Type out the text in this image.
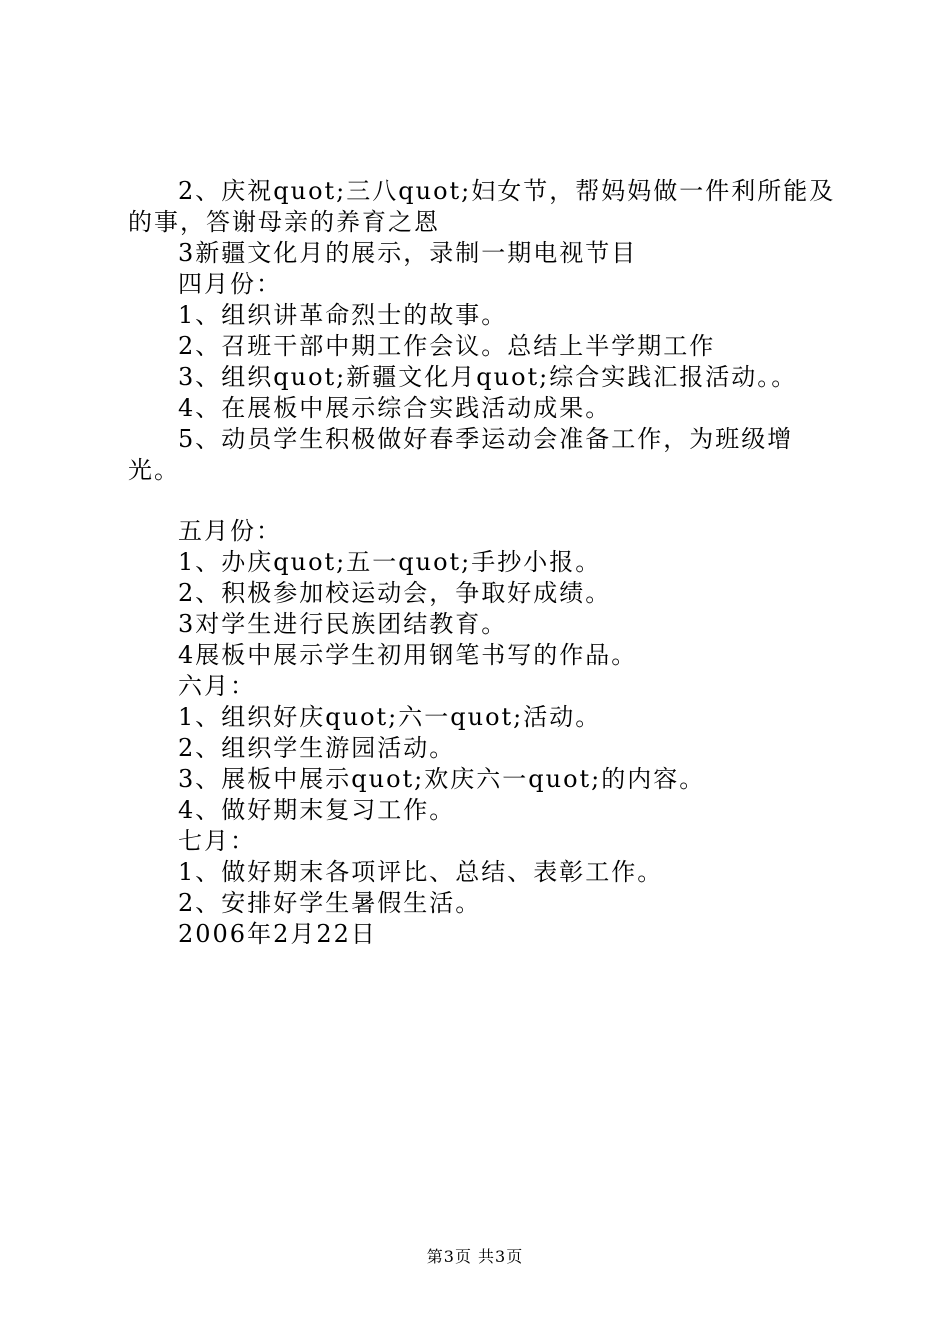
2、庆祝quot;三八quot;妇女节，帮妈妈做一件利所能及的事，答谢母亲的养育之恩

3新疆文化月的展示，录制一期电视节目

四月份：

1、组织讲革命烈士的故事。

2、召班干部中期工作会议。总结上半学期工作

3、组织quot;新疆文化月quot;综合实践汇报活动。。

4、在展板中展示综合实践活动成果。

5、动员学生积极做好春季运动会准备工作，为班级增光。

五月份：

1、办庆quot;五一quot;手抄小报。

2、积极参加校运动会，争取好成绩。

3对学生进行民族团结教育。

4展板中展示学生初用钢笔书写的作品。

六月：

1、组织好庆quot;六一quot;活动。

2、组织学生游园活动。

3、展板中展示quot;欢庆六一quot;的内容。

4、做好期末复习工作。

七月：

1、做好期末各项评比、总结、表彰工作。

2、安排好学生暑假生活。

2006年2月22日

第3页 共3页
